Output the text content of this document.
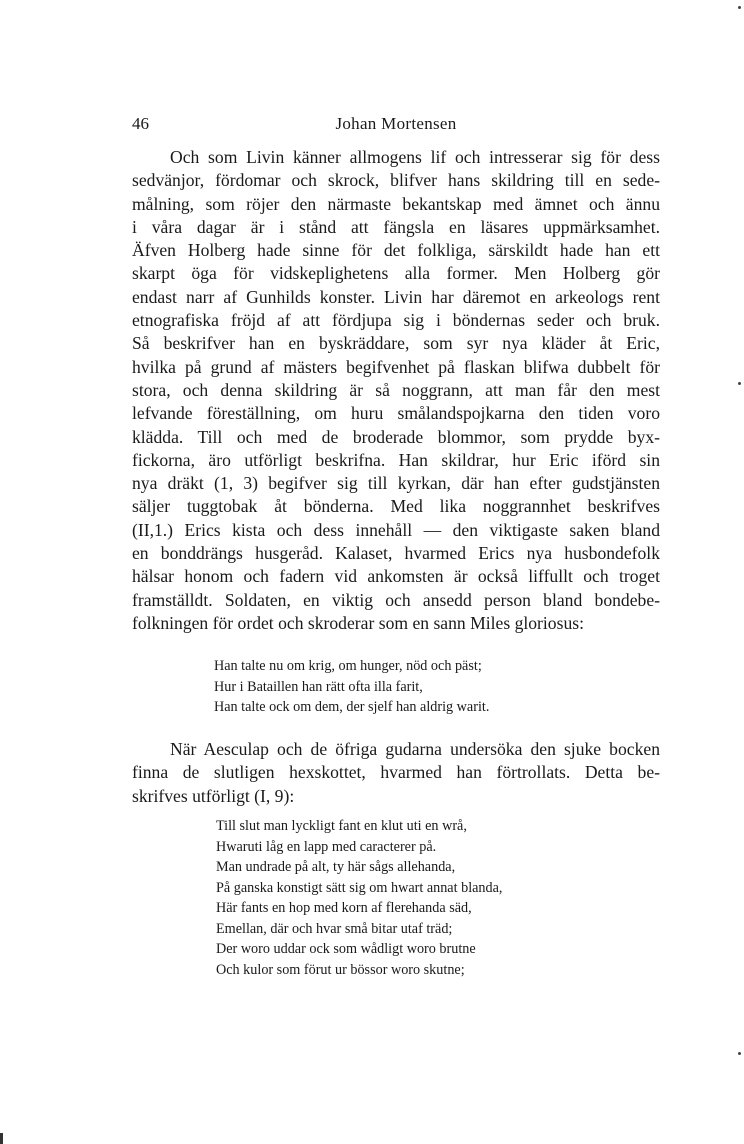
46	Johan Mortensen
Och som Livin känner allmogens lif och intresserar sig för dess
sedvänjor, fördomar och skrock, blifver hans skildring till en sede-
målning, som röjer den närmaste bekantskap med ämnet och ännu
i våra dagar är i stånd att fängsla en läsares uppmärksamhet.
Äfven Holberg hade sinne för det folkliga, särskildt hade han ett
skarpt öga för vidskeplighetens alla former. Men Holberg gör
endast narr af Gunhilds konster. Livin har däremot en arkeologs rent
etnografiska fröjd af att fördjupa sig i böndernas seder och bruk.
Så beskrifver han en byskräddare, som syr nya kläder åt Eric,
hvilka på grund af mästers begifvenhet på flaskan blifwa dubbelt för
stora, och denna skildring är så noggrann, att man får den mest
lefvande föreställning, om huru smålandspojkarna den tiden voro
klädda. Till och med de broderade blommor, som prydde byx-
fickorna, äro utförligt beskrifna. Han skildrar, hur Eric iförd sin
nya dräkt (1, 3) begifver sig till kyrkan, där han efter gudstjänsten
säljer tuggtobak åt bönderna. Med lika noggrannhet beskrifves
(II,1.) Erics kista och dess innehåll — den viktigaste saken bland
en bonddrängs husgeråd. Kalaset, hvarmed Erics nya husbondefolk
hälsar honom och fadern vid ankomsten är också liffullt och troget
framställdt. Soldaten, en viktig och ansedd person bland bondebe-
folkningen för ordet och skroderar som en sann Miles gloriosus:
Han talte nu om krig, om hunger, nöd och päst;
Hur i Bataillen han rätt ofta illa farit,
Han talte ock om dem, der sjelf han aldrig warit.
När Aesculap och de öfriga gudarna undersöka den sjuke bocken
finna de slutligen hexskottet, hvarmed han förtrollats. Detta be-
skrifves utförligt (I, 9):
Till slut man lyckligt fant en klut uti en wrå,
Hwaruti låg en lapp med caracterer på.
Man undrade på alt, ty här sågs allehanda,
På ganska konstigt sätt sig om hwart annat blanda,
Här fants en hop med korn af flerehanda säd,
Emellan, där och hvar små bitar utaf träd;
Der woro uddar ock som wådligt woro brutne
Och kulor som förut ur bössor woro skutne;
